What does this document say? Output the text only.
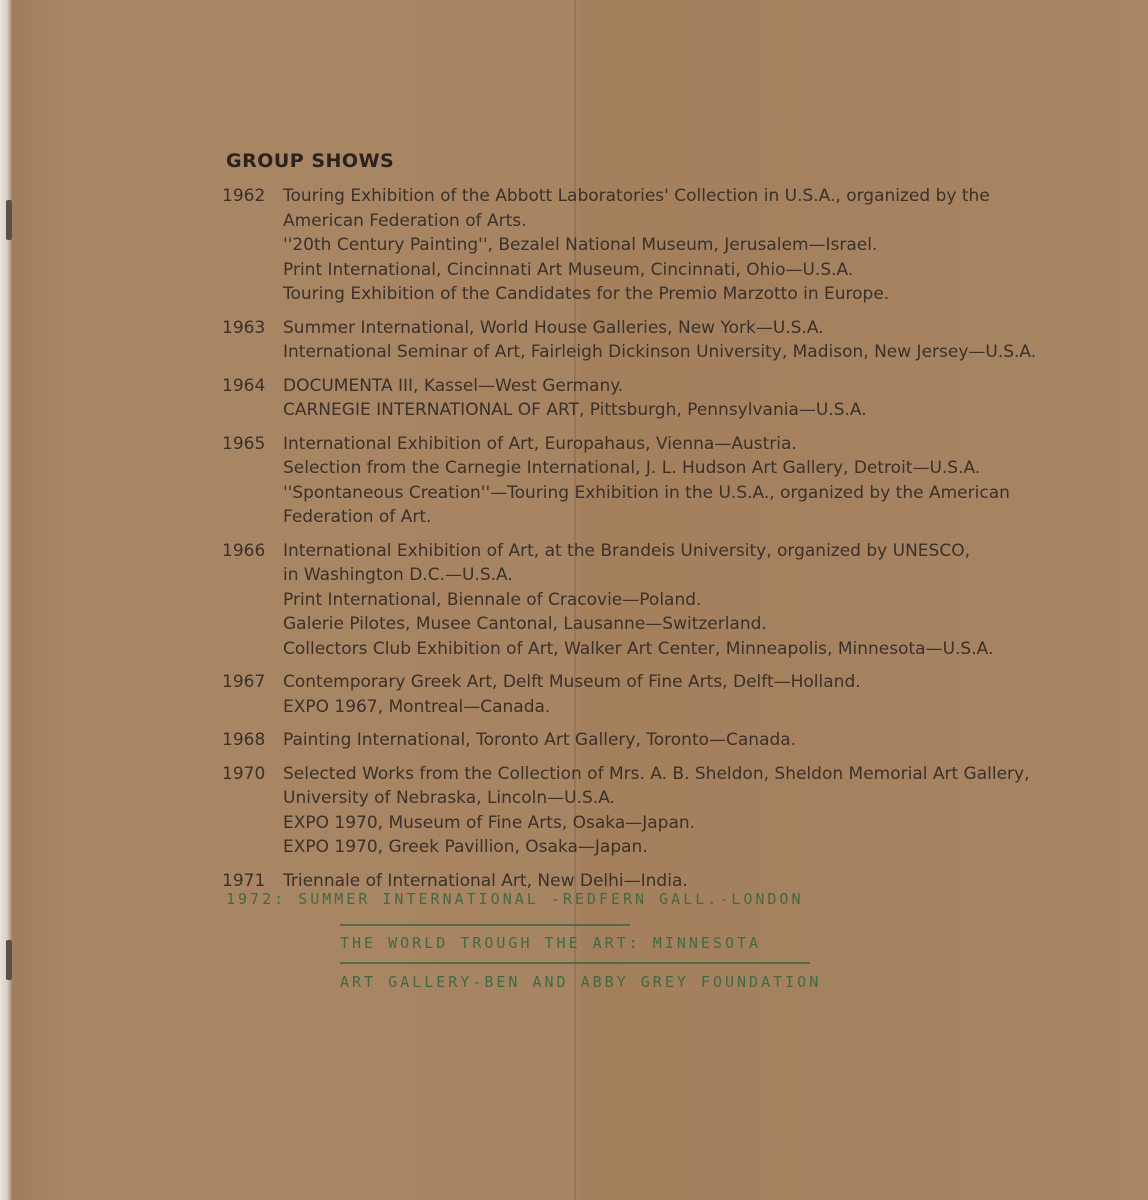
GROUP SHOWS
1962	Touring Exhibition of the Abbott Laboratories' Collection in U.S.A., organized by the
American Federation of Arts.
''20th Century Painting'', Bezalel National Museum, Jerusalem—Israel.
Print International, Cincinnati Art Museum, Cincinnati, Ohio—U.S.A.
Touring Exhibition of the Candidates for the Premio Marzotto in Europe.
1963	Summer International, World House Galleries, New York—U.S.A.
International Seminar of Art, Fairleigh Dickinson University, Madison, New Jersey—U.S.A.
1964	DOCUMENTA III, Kassel—West Germany.
CARNEGIE INTERNATIONAL OF ART, Pittsburgh, Pennsylvania—U.S.A.
1965	International Exhibition of Art, Europahaus, Vienna—Austria.
Selection from the Carnegie International, J. L. Hudson Art Gallery, Detroit—U.S.A.
''Spontaneous Creation''—Touring Exhibition in the U.S.A., organized by the American
Federation of Art.
1966	International Exhibition of Art, at the Brandeis University, organized by UNESCO,
in Washington D.C.—U.S.A.
Print International, Biennale of Cracovie—Poland.
Galerie Pilotes, Musee Cantonal, Lausanne—Switzerland.
Collectors Club Exhibition of Art, Walker Art Center, Minneapolis, Minnesota—U.S.A.
1967	Contemporary Greek Art, Delft Museum of Fine Arts, Delft—Holland.
EXPO 1967, Montreal—Canada.
1968	Painting International, Toronto Art Gallery, Toronto—Canada.
1970	Selected Works from the Collection of Mrs. A. B. Sheldon, Sheldon Memorial Art Gallery,
University of Nebraska, Lincoln—U.S.A.
EXPO 1970, Museum of Fine Arts, Osaka—Japan.
EXPO 1970, Greek Pavillion, Osaka—Japan.
1971	Triennale of International Art, New Delhi—India.
1972: SUMMER INTERNATIONAL -REDFERN GALL.-LONDON
THE WORLD TROUGH THE ART: MINNESOTA
ART GALLERY-BEN AND ABBY GREY FOUNDATION
